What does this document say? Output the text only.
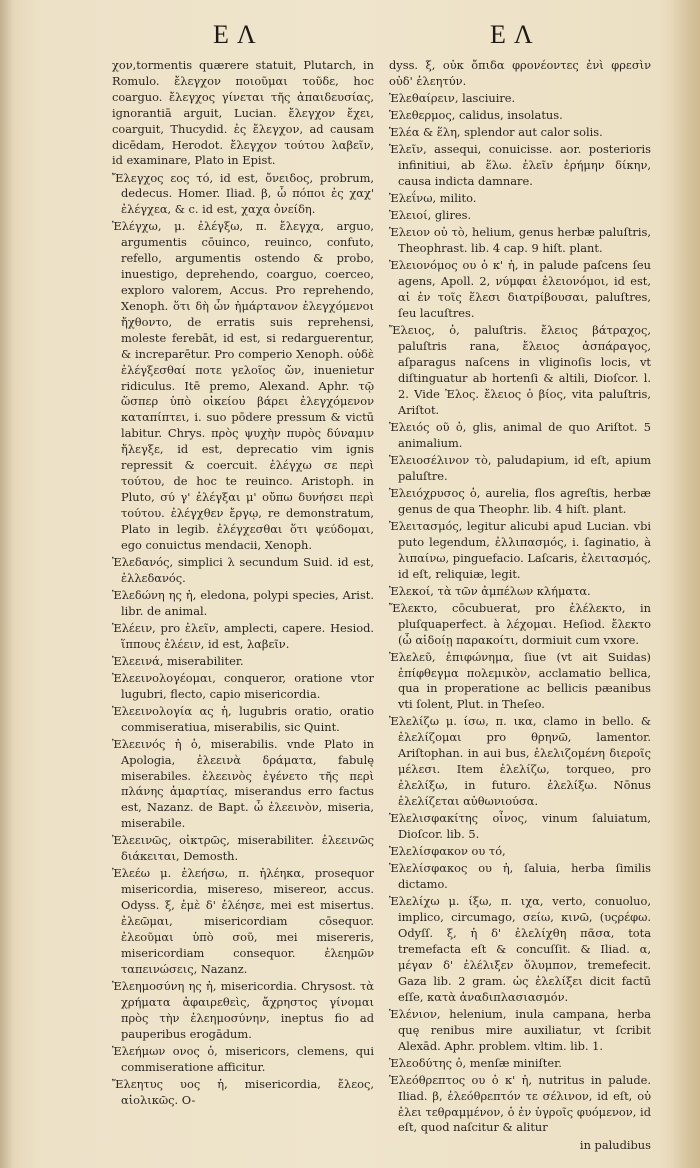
ΕΛ	ΕΛ

χον,tormentis quærere statuit, Plutarch, in Romulo. ἔλεγχον ποιοῦμαι τοῦδε, hoc coarguo. ἔλεγχος γίνεται τῆς ἀπαιδευσίας, ignorantiā arguit, Lucian. ἔλεγχον ἔχει, coarguit, Thucydid. ἐς ἔλεγχον, ad causam dicēdam, Herodot. ἔλεγχον τούτου λαβεῖν, id examinare, Plato in Epist.

Ἔλεγχος εος τό, id est, ὄνειδος, probrum, dedecus. Homer. Iliad. β, ὦ πόποι ἐς χαχ' ἐλέγχεα, & c. id est, χαχα ὀνείδη.

Ἐλέγχω, μ. ἐλέγξω, π. ἔλεγχα, arguo, argumentis cōuinco, reuinco, confuto, refello, argumentis ostendo & probo, inuestigo, deprehendo, coarguo, coerceo, exploro valorem, Accus. Pro reprehendo, Xenoph. ὅτι δὴ ὧν ἡμάρτανον ἐλεγχόμενοι ἤχθοντο, de erratis suis reprehensi, moleste ferebāt, id est, si redarguerentur, & increparētur. Pro comperio Xenoph. οὐδὲ ἐλέγξεσθαί ποτε γελοῖος ὤν, inuenietur ridiculus. Itē premo, Alexand. Aphr. τῷ ὥσπερ ὑπὸ οἰκείου βάρει ἐλεγχόμενον καταπίπτει, i. suo pōdere pressum & victū labitur. Chrys. πρὸς ψυχὴν πυρὸς δύναμιν ἤλεγξε, id est, deprecatio vim ignis repressit & coercuit. ἐλέγχω σε περὶ τούτου, de hoc te reuinco. Aristoph. in Pluto, σύ γ' ἐλέγξαι μ' οὔπω δυνήσει περὶ τούτου. ἐλέγχθεν ἔργῳ, re demonstratum, Plato in legib. ἐλέγχεσθαι ὅτι ψεύδομαι, ego conuictus mendacii, Xenoph.

Ἐλεδανός, simplici λ secundum Suid. id est, ἐλλεδανός.

Ἐλεδώνη ης ἡ, eledona, polypi species, Arist. libr. de animal.

Ἐλέειν, pro ἑλεῖν, amplecti, capere. Hesiod. ἵππους ἐλέειν, id est, λαβεῖν.

Ἐλεεινά, miserabiliter.

Ἐλεεινολογέομαι, conqueror, oratione vtor lugubri, flecto, capio misericordia.

Ἐλεεινολογία ας ἡ, lugubris oratio, oratio commiseratiua, miserabilis, sic Quint.

Ἐλεεινός ἡ ὁ, miserabilis. vnde Plato in Apologia, ἐλεεινὰ δράματα, fabulę miserabiles. ἐλεεινὸς ἐγένετο τῆς περὶ πλάνης ἁμαρτίας, miserandus erro factus est, Nazanz. de Bapt. ὦ ἐλεεινὸν, miseria, miserabile.

Ἐλεεινῶς, οἰκτρῶς, miserabiliter. ἐλεεινῶς διάκειται, Demosth.

Ἐλεέω μ. ἐλεήσω, π. ἠλέηκα, prosequor misericordia, misereso, misereor, accus. Odyss. ξ, ἐμὲ δ' ἐλέησε, mei est misertus. ἐλεῶμαι, misericordiam cōsequor. ἐλεοῦμαι ὑπὸ σοῦ, mei misereris, misericordiam consequor. ἐλεημῶν ταπεινώσεις, Nazanz.

Ἐλεημοσύνη ης ἡ, misericordia. Chrysost. τὰ χρήματα ἀφαιρεθεὶς, ἄχρηστος γίνομαι πρὸς τὴν ἐλεημοσύνην, ineptus fio ad pauperibus erogādum.

Ἐλεήμων ονος ὁ, misericors, clemens, qui commiseratione afficitur.

Ἔλεητυς υος ἡ, misericordia, ἔλεος, αἰολικῶς. O-

dyss. ξ, οὐκ ὄπιδα φρονέοντες ἐνὶ φρεσὶν οὐδ' ἐλεητύν.

Ἐλεθαίρειν, lasciuire.

Ἑλεθερμος, calidus, insolatus.

Ἑλέα & ἕλη, splendor aut calor solis.

Ἑλεῖν, assequi, conuicisse. aor. posterioris infinitiui, ab ἕλω. ἐλεῖν ἐρήμην δίκην, causa indicta damnare.

Ἐλεΐνω, milito.

Ἐλειοί, glires.

Ἐλειον οὐ τὸ, helium, genus herbæ paluſtris, Theophrast. lib. 4 cap. 9 hiſt. plant.

Ἐλειονόμος ου ὁ κ' ἡ, in palude paſcens ſeu agens, Apoll. 2, νύμφαι ἐλειονόμοι, id est, αἱ ἐν τοῖς ἕλεσι διατρίβουσαι, paluſtres, ſeu lacuſtres.

Ἔλειος, ὁ, paluſtris. ἔλειος βάτραχος, paluſtris rana, ἔλειος ἀσπάραγος, aſparagus naſcens in vliginoſis locis, vt diſtinguatur ab hortenſi & altili, Dioſcor. l. 2. Vide Ἐλος. ἔλειος ὁ βίος, vita paluſtris, Ariſtot.

Ἐλειός οῦ ὁ, glis, animal de quo Ariſtot. 5 animalium.

Ἐλειοσέλινον τὸ, paludapium, id eſt, apium paluſtre.

Ἐλειόχρυσος ὁ, aurelia, flos agreſtis, herbæ genus de qua Theophr. lib. 4 hiſt. plant.

Ἐλειτασμός, legitur alicubi apud Lucian. vbi puto legendum, ἐλλιπασμός, i. ſaginatio, à λιπαίνω, pinguefacio. Laſcaris, ἐλειτασμός, id eſt, reliquiæ, legit.

Ἐλεκοί, τὰ τῶν ἀμπέλων κλήματα.

Ἔλεκτο, cōcubuerat, pro ἐλέλεκτο, in pluſquaperfect. à λέχομαι. Heſiod. ἔλεκτο (ὧ αἰδοίῃ παρακοίτι, dormiuit cum vxore.

Ἐλελεῦ, ἐπιφώνημα, ſiue (vt ait Suidas) ἐπίφθεγμα πολεμικὸν, acclamatio bellica, qua in properatione ac bellicis pæanibus vti ſolent, Plut. in Theſeo.

Ἐλελίζω μ. ίσω, π. ικα, clamo in bello. & ἐλελίζομαι pro θρηνῶ, lamentor. Ariſtophan. in aui bus, ἐλελιζομένη διεροῖς μέλεσι. Item ἐλελίζω, torqueo, pro ἐλελίξω, in futuro. ἐλελίξω. Nōnus ἐλελίζεται αὐθωνιούσα.

Ἐλελισφακίτης οἶνος, vinum ſaluiatum, Dioſcor. lib. 5.

Ἐλελίσφακον ου τό,

Ἐλελίσφακος ου ἡ, ſaluia, herba ſimilis dictamo.

Ἐλελίχω μ. ίξω, π. ιχα, verto, conuoluo, implico, circumago, σείω, κινῶ, (υςρέφω. Odyſſ. ξ, ἡ δ' ἐλελίχθη πᾶσα, tota tremefacta eſt & concuſſit. & Iliad. α, μέγαν δ' ἐλέλιξεν ὄλυμπον, tremefecit. Gaza lib. 2 gram. ὡς ἐλελίξει dicit factū eſſe, κατὰ ἀναδιπλασιασμόν.

Ἑλένιον, helenium, inula campana, herba quę renibus mire auxiliatur, vt ſcribit Alexād. Aphr. problem. vltim. lib. 1.

Ἐλεοδύτης ὁ, menſæ miniſter.

Ἐλεόθρεπτος ου ὁ κ' ἡ, nutritus in palude. Iliad. β, ἐλεόθρεπτόν τε σέλινον, id eſt, οὐ ἐλει τεθραμμένον, ὁ ἐν ὑγροῖς φυόμενον, id eſt, quod naſcitur & alitur

in paludibus
